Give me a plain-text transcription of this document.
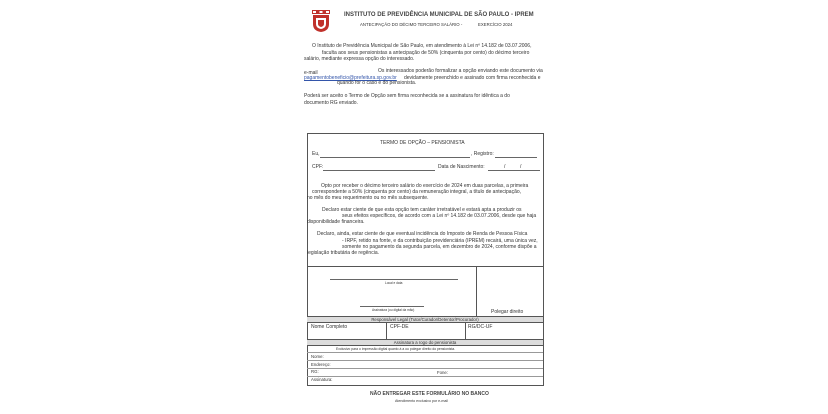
INSTITUTO DE PREVIDÊNCIA MUNICIPAL DE SÃO PAULO - IPREM
ANTECIPAÇÃO DO DÉCIMO TERCEIRO SALÁRIO -	EXERCÍCIO 2024
O Instituto de Previdência Municipal de São Paulo, em atendimento à Lei nº 14.182 de 03.07.2006,
faculta aos seus pensionistas a antecipação de 50% (cinquenta por cento) do décimo terceiro
salário, mediante expressa opção do interessado.
e-mail	Os interessados poderão formalizar a opção enviando este documento via
pagamentobeneficio@prefeitura.sp.gov.br devidamente preenchido e assinado com firma reconhecida e
quando for o caso e do pensionista.
Poderá ser aceito o Termo de Opção sem firma reconhecida se a assinatura for idêntica a do
documento RG enviado.
TERMO DE OPÇÃO – PENSIONISTA
Eu,	, Registro:
CPF:	Data de Nascimento:	/	/
Opto por receber o décimo terceiro salário do exercício de 2024 em duas parcelas, a primeira
correspondente a 50% (cinquenta por cento) da remuneração integral, a título de antecipação,
no mês do meu requerimento ou no mês subsequente.
Declaro estar ciente de que esta opção tem caráter irretratável e estará apta a produzir os
seus efeitos específicos, de acordo com a Lei nº 14.182 de 03.07.2006, desde que haja
disponibilidade financeira.
Declaro, ainda, estar ciente de que eventual incidência do Imposto de Renda de Pessoa Física
- IRPF, retido na fonte, e da contribuição previdenciária (IPREM) recairá, uma única vez,
somente no pagamento da segunda parcela, em dezembro de 2024, conforme dispõe a
legislação tributária de regência.
Local e data
Assinatura (ou digital da mão)	Polegar direito
Responsável Legal (Tutor/Curador/Detentor/Procurador)
Nome Completo	CPF-DE	RG/DC-UF
Assinatura a rogo do pensionista
Exclusivo para o impressão digital quanto à a ou polegar direito do pensionista.
Nome:
Endereço:
RG:	Fone:
Assinatura:
NÃO ENTREGAR ESTE FORMULÁRIO NO BANCO
Atendimento exclusivo por e-mail
